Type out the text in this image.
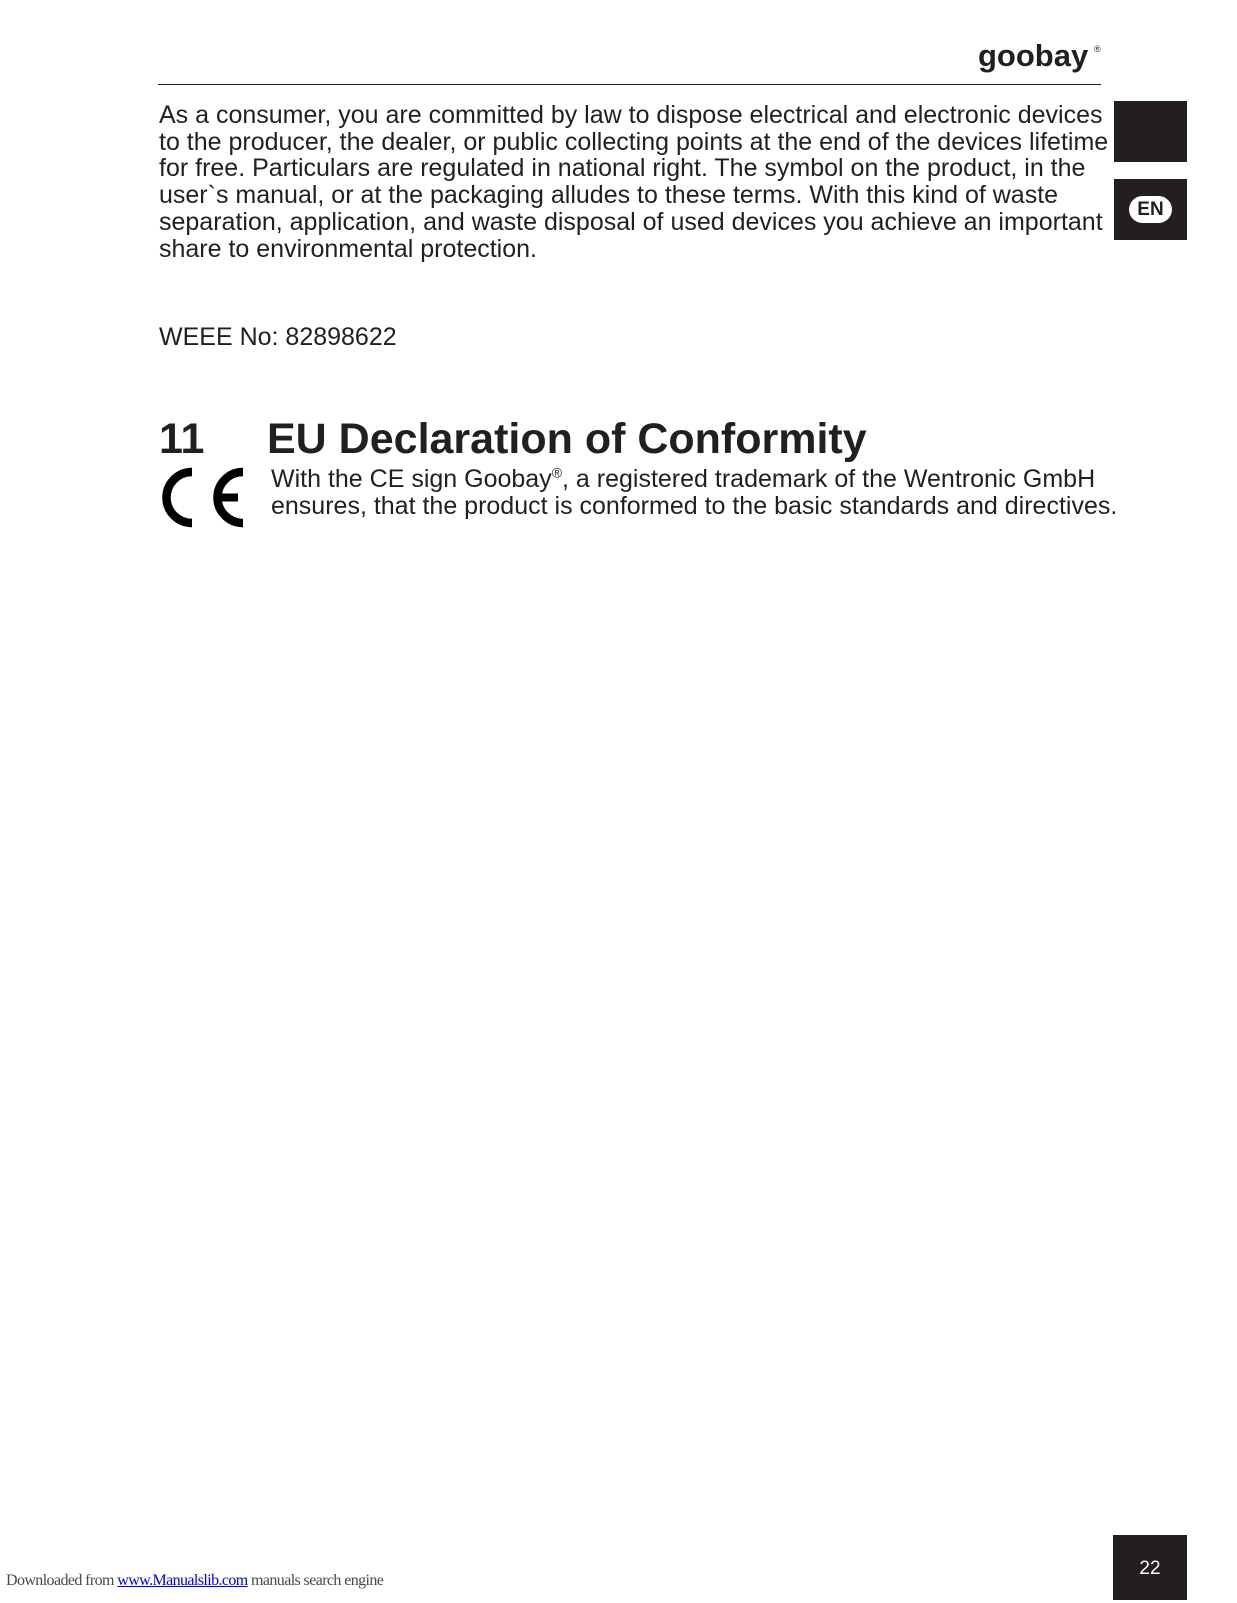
goobay ®
EN

As a consumer, you are committed by law to dispose electrical and electronic devices to the producer, the dealer, or public collecting points at the end of the devices lifetime for free. Particulars are regulated in national right. The symbol on the product, in the user`s manual, or at the packaging alludes to these terms. With this kind of waste separation, application, and waste disposal of used devices you achieve an important share to environmental protection.

WEEE No: 82898622

11 EU Declaration of Conformity

With the CE sign Goobay®, a registered trademark of the Wentronic GmbH ensures, that the product is conformed to the basic standards and directives.

22
Downloaded from www.Manualslib.com manuals search engine
